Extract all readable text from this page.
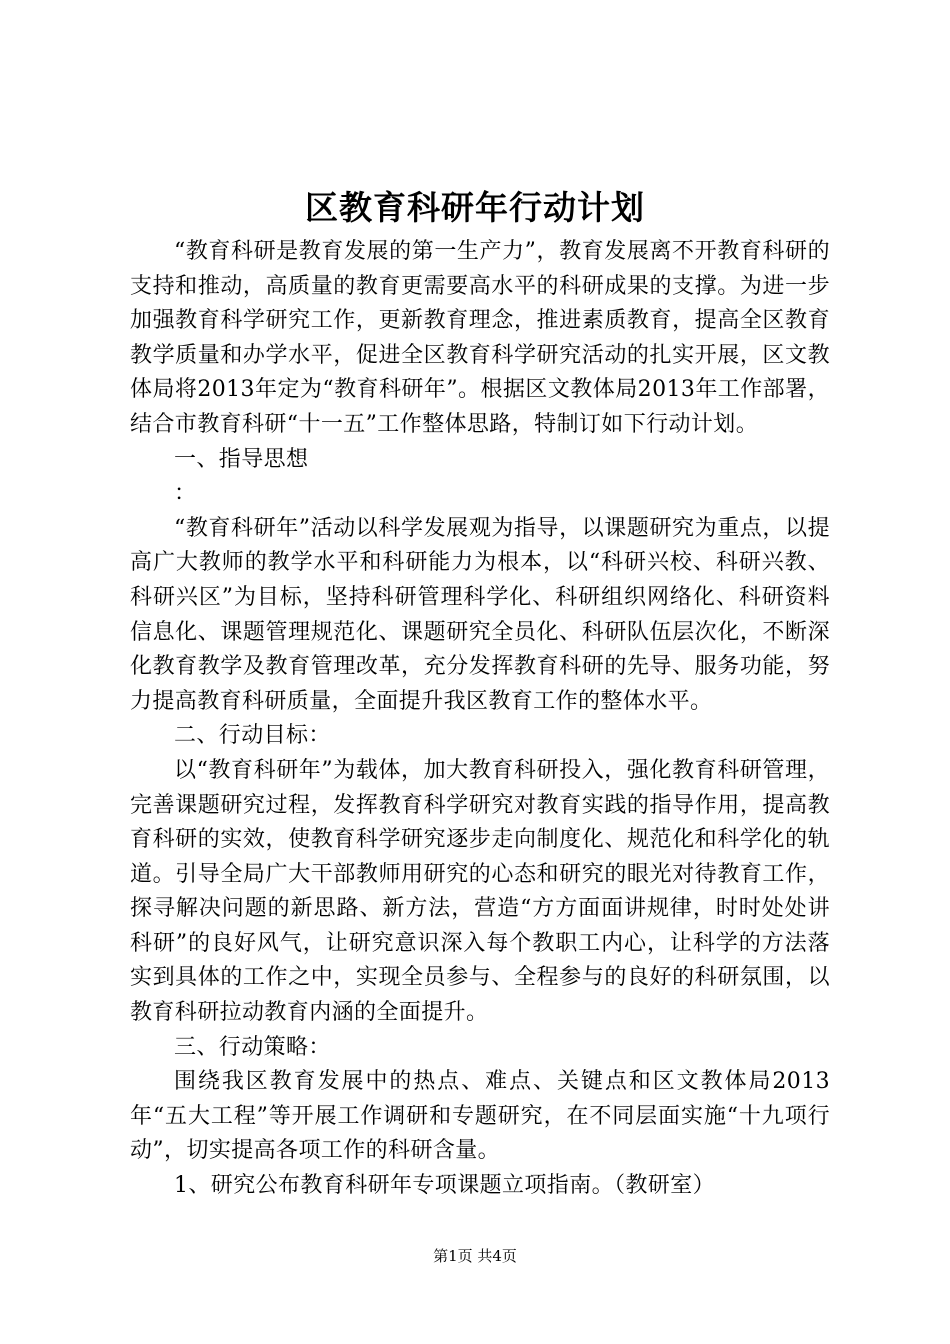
区教育科研年行动计划

“教育科研是教育发展的第一生产力”，教育发展离不开教育科研的支持和推动，高质量的教育更需要高水平的科研成果的支撑。为进一步加强教育科学研究工作，更新教育理念，推进素质教育，提高全区教育教学质量和办学水平，促进全区教育科学研究活动的扎实开展，区文教体局将2013年定为“教育科研年”。根据区文教体局2013年工作部署，结合市教育科研“十一五”工作整体思路，特制订如下行动计划。

一、指导思想

：

“教育科研年”活动以科学发展观为指导，以课题研究为重点，以提高广大教师的教学水平和科研能力为根本，以“科研兴校、科研兴教、科研兴区”为目标，坚持科研管理科学化、科研组织网络化、科研资料信息化、课题管理规范化、课题研究全员化、科研队伍层次化，不断深化教育教学及教育管理改革，充分发挥教育科研的先导、服务功能，努力提高教育科研质量，全面提升我区教育工作的整体水平。

二、行动目标：

以“教育科研年”为载体，加大教育科研投入，强化教育科研管理，完善课题研究过程，发挥教育科学研究对教育实践的指导作用，提高教育科研的实效，使教育科学研究逐步走向制度化、规范化和科学化的轨道。引导全局广大干部教师用研究的心态和研究的眼光对待教育工作，探寻解决问题的新思路、新方法，营造“方方面面讲规律，时时处处讲科研”的良好风气，让研究意识深入每个教职工内心，让科学的方法落实到具体的工作之中，实现全员参与、全程参与的良好的科研氛围，以教育科研拉动教育内涵的全面提升。

三、行动策略：

围绕我区教育发展中的热点、难点、关键点和区文教体局2013年“五大工程”等开展工作调研和专题研究，在不同层面实施“十九项行动”，切实提高各项工作的科研含量。

1、研究公布教育科研年专项课题立项指南。（教研室）

第1页 共4页
